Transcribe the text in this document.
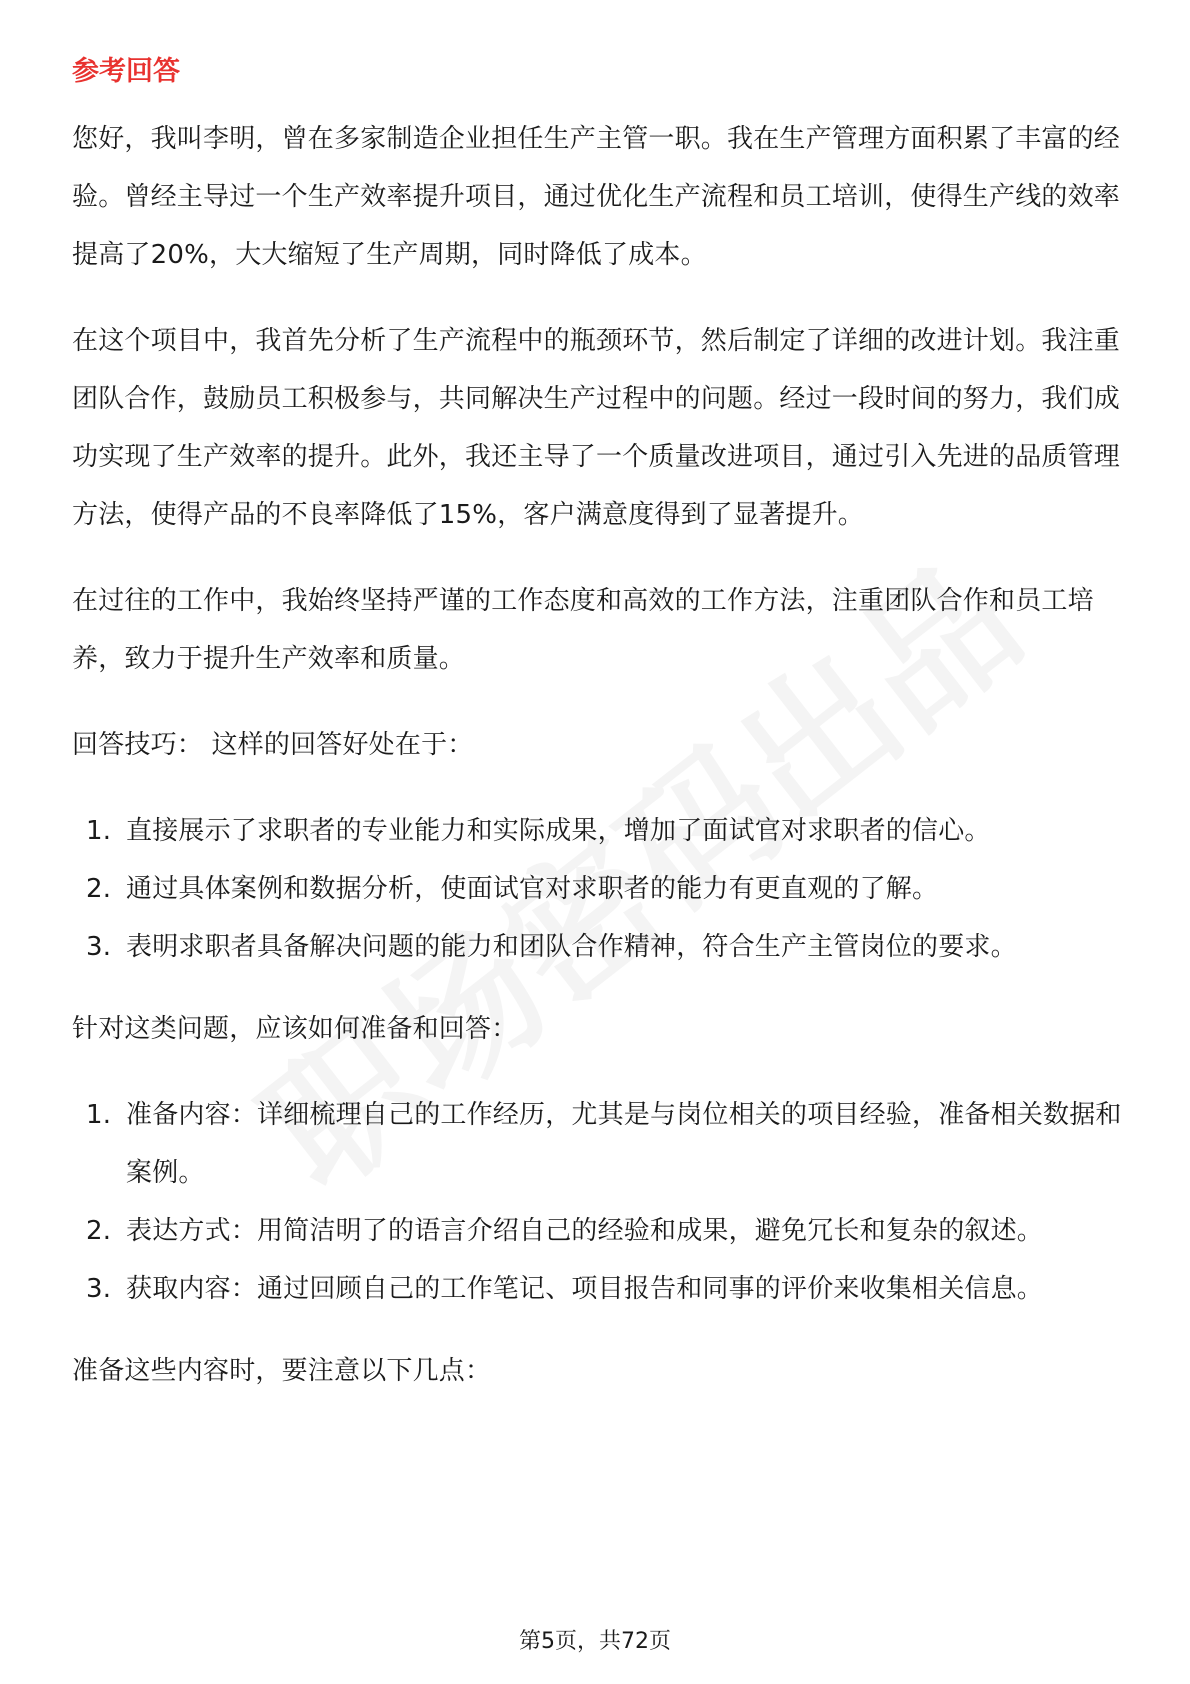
参考回答

您好，我叫李明，曾在多家制造企业担任生产主管一职。我在生产管理方面积累了丰富的经验。曾经主导过一个生产效率提升项目，通过优化生产流程和员工培训，使得生产线的效率提高了20%，大大缩短了生产周期，同时降低了成本。

在这个项目中，我首先分析了生产流程中的瓶颈环节，然后制定了详细的改进计划。我注重团队合作，鼓励员工积极参与，共同解决生产过程中的问题。经过一段时间的努力，我们成功实现了生产效率的提升。此外，我还主导了一个质量改进项目，通过引入先进的品质管理方法，使得产品的不良率降低了15%，客户满意度得到了显著提升。

在过往的工作中，我始终坚持严谨的工作态度和高效的工作方法，注重团队合作和员工培养，致力于提升生产效率和质量。

回答技巧： 这样的回答好处在于：

1. 直接展示了求职者的专业能力和实际成果，增加了面试官对求职者的信心。
2. 通过具体案例和数据分析，使面试官对求职者的能力有更直观的了解。
3. 表明求职者具备解决问题的能力和团队合作精神，符合生产主管岗位的要求。

针对这类问题，应该如何准备和回答：

1. 准备内容：详细梳理自己的工作经历，尤其是与岗位相关的项目经验，准备相关数据和案例。
2. 表达方式：用简洁明了的语言介绍自己的经验和成果，避免冗长和复杂的叙述。
3. 获取内容：通过回顾自己的工作笔记、项目报告和同事的评价来收集相关信息。

准备这些内容时，要注意以下几点：

第5页，共72页
